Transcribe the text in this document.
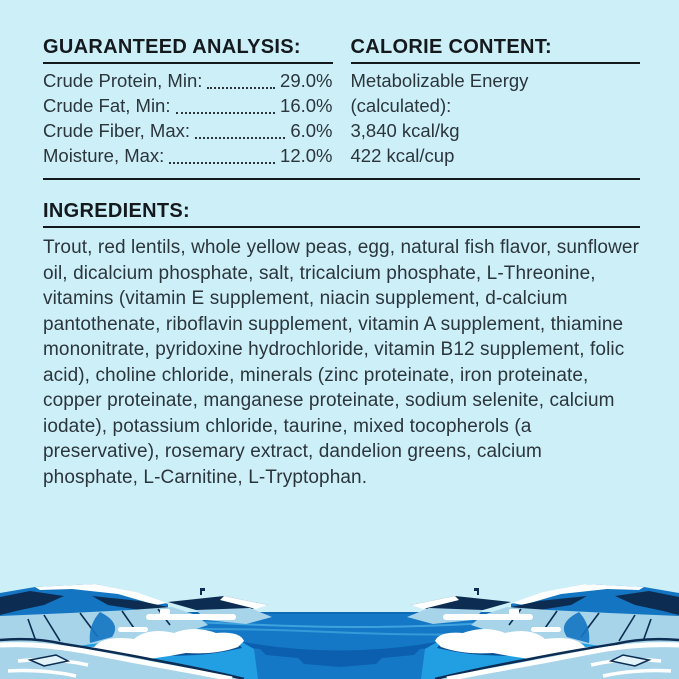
GUARANTEED ANALYSIS:
Crude Protein, Min:	29.0%
Crude Fat, Min:	16.0%
Crude Fiber, Max:	6.0%
Moisture, Max:	12.0%
CALORIE CONTENT:
Metabolizable Energy
(calculated):
3,840 kcal/kg
422 kcal/cup
INGREDIENTS:

Trout, red lentils, whole yellow peas, egg, natural fish flavor, sunflower oil, dicalcium phosphate, salt, tricalcium phosphate, L-Threonine, vitamins (vitamin E supplement, niacin supplement, d-calcium pantothenate, riboflavin supplement, vitamin A supplement, thiamine mononitrate, pyridoxine hydrochloride, vitamin B12 supplement, folic acid), choline chloride, minerals (zinc proteinate, iron proteinate, copper proteinate, manganese proteinate, sodium selenite, calcium iodate), potassium chloride, taurine, mixed tocopherols (a preservative), rosemary extract, dandelion greens, calcium phosphate, L-Carnitine, L-Tryptophan.
